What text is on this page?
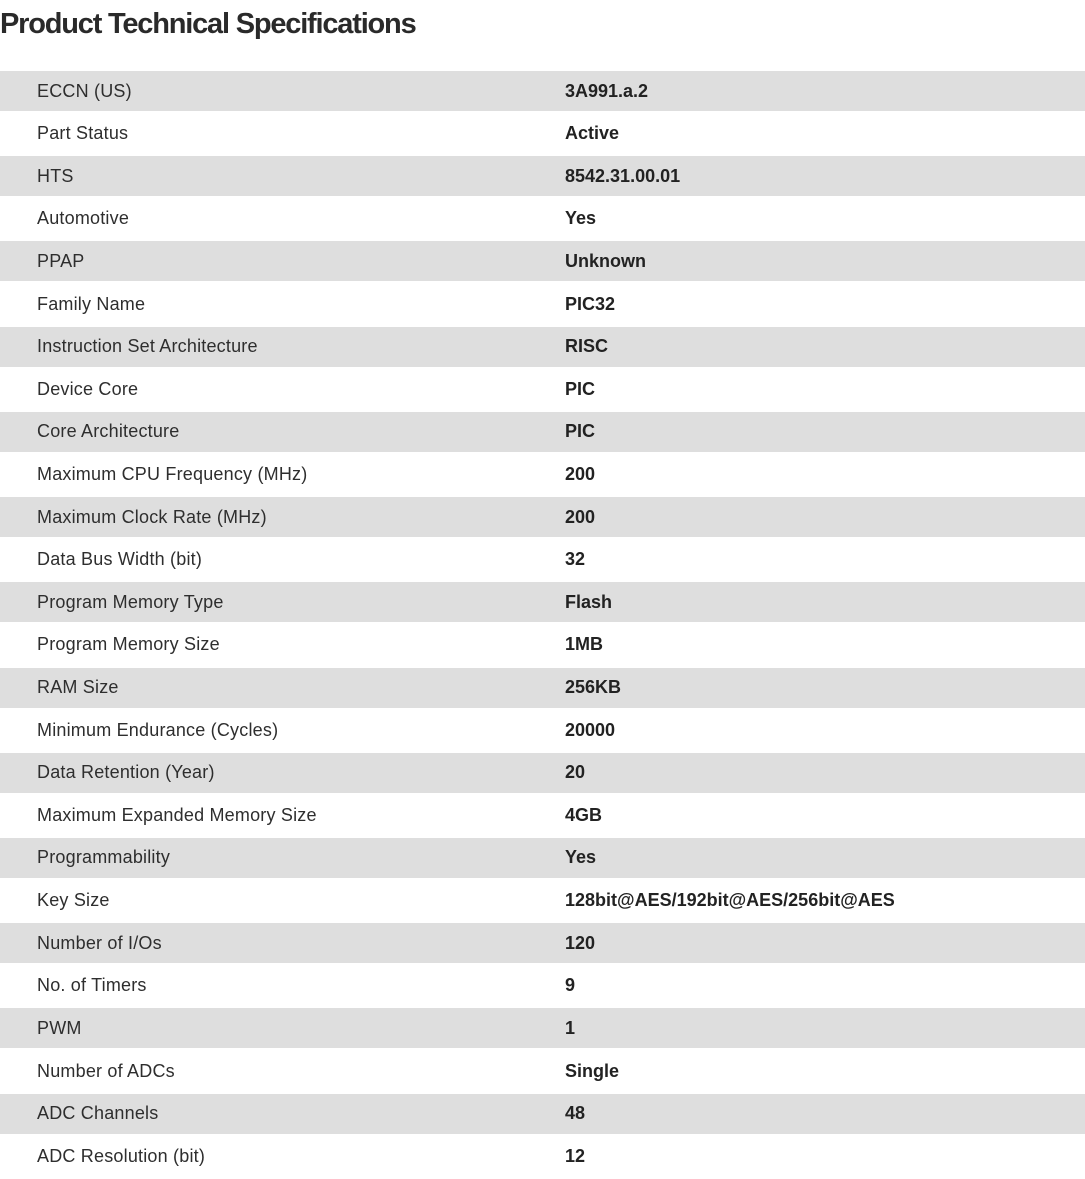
Product Technical Specifications
ECCN (US)	3A991.a.2
Part Status	Active
HTS	8542.31.00.01
Automotive	Yes
PPAP	Unknown
Family Name	PIC32
Instruction Set Architecture	RISC
Device Core	PIC
Core Architecture	PIC
Maximum CPU Frequency (MHz)	200
Maximum Clock Rate (MHz)	200
Data Bus Width (bit)	32
Program Memory Type	Flash
Program Memory Size	1MB
RAM Size	256KB
Minimum Endurance (Cycles)	20000
Data Retention (Year)	20
Maximum Expanded Memory Size	4GB
Programmability	Yes
Key Size	128bit@AES/192bit@AES/256bit@AES
Number of I/Os	120
No. of Timers	9
PWM	1
Number of ADCs	Single
ADC Channels	48
ADC Resolution (bit)	12
